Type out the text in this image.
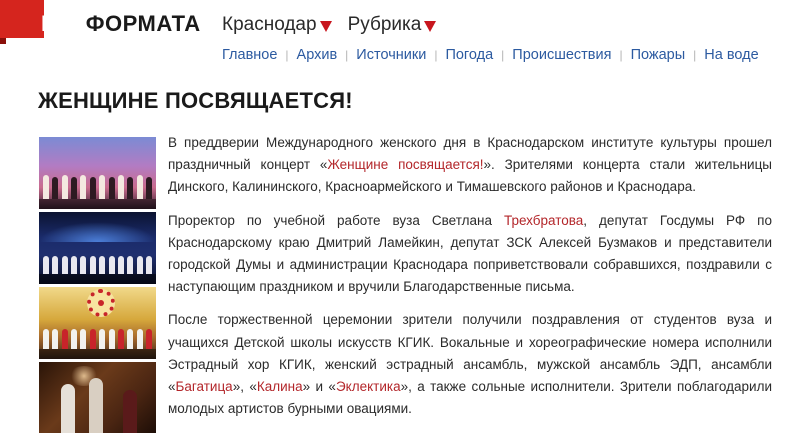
БЕЗФОРМАТА Краснодар Рубрика
Главное | Архив | Источники | Погода | Происшествия | Пожары | На воде
ЖЕНЩИНЕ ПОСВЯЩАЕТСЯ!

В преддверии Международного женского дня в Краснодарском институте культуры прошел праздничный концерт «Женщине посвящается!». Зрителями концерта стали жительницы Динского, Калининского, Красноармейского и Тимашевского районов и Краснодара.

Проректор по учебной работе вуза Светлана Трехбратова, депутат Госдумы РФ по Краснодарскому краю Дмитрий Ламейкин, депутат ЗСК Алексей Бузмаков и представители городской Думы и администрации Краснодара поприветствовали собравшихся, поздравили с наступающим праздником и вручили Благодарственные письма.

После торжественной церемонии зрители получили поздравления от студентов вуза и учащихся Детской школы искусств КГИК. Вокальные и хореографические номера исполнили Эстрадный хор КГИК, женский эстрадный ансамбль, мужской ансамбль ЭДП, ансамбли «Багатица», «Калина» и «Эклектика», а также сольные исполнители. Зрители поблагодарили молодых артистов бурными овациями.
